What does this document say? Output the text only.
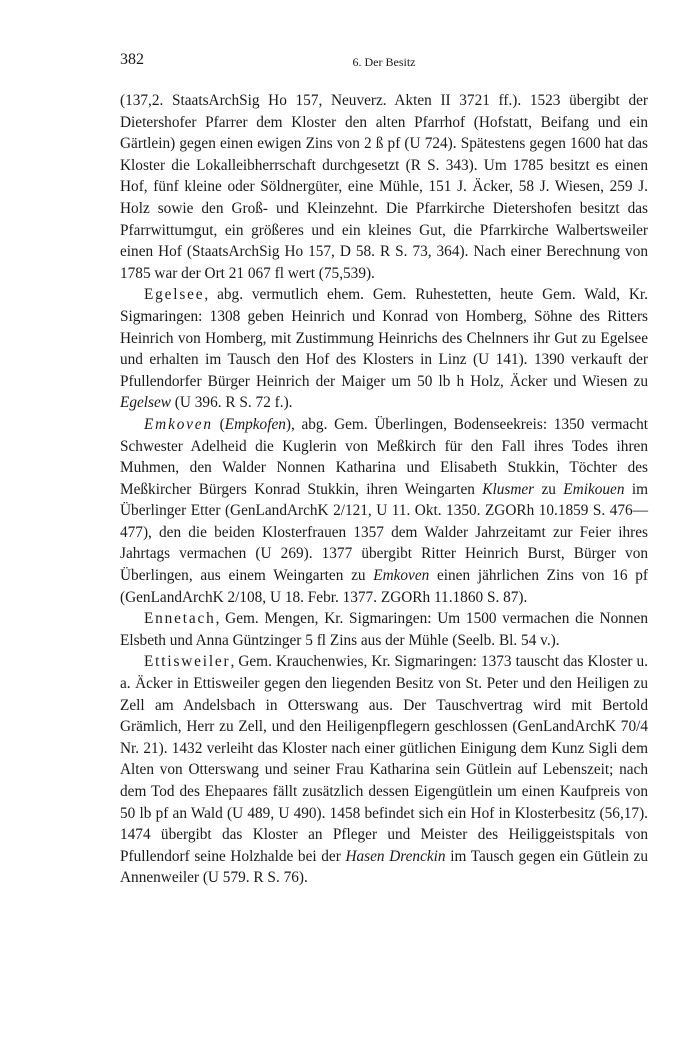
382	6. Der Besitz

(137,2. StaatsArchSig Ho 157, Neuverz. Akten II 3721 ff.). 1523 übergibt der Dietershofer Pfarrer dem Kloster den alten Pfarrhof (Hofstatt, Beifang und ein Gärtlein) gegen einen ewigen Zins von 2 ß pf (U 724). Spätestens gegen 1600 hat das Kloster die Lokalleibherrschaft durchgesetzt (R S. 343). Um 1785 besitzt es einen Hof, fünf kleine oder Söldnergüter, eine Mühle, 151 J. Äcker, 58 J. Wiesen, 259 J. Holz sowie den Groß- und Kleinzehnt. Die Pfarrkirche Dietershofen besitzt das Pfarrwittumgut, ein größeres und ein kleines Gut, die Pfarrkirche Walbertsweiler einen Hof (StaatsArchSig Ho 157, D 58. R S. 73, 364). Nach einer Berechnung von 1785 war der Ort 21 067 fl wert (75,539).

Egelsee, abg. vermutlich ehem. Gem. Ruhestetten, heute Gem. Wald, Kr. Sigmaringen: 1308 geben Heinrich und Konrad von Homberg, Söhne des Ritters Heinrich von Homberg, mit Zustimmung Heinrichs des Chelnners ihr Gut zu Egelsee und erhalten im Tausch den Hof des Klosters in Linz (U 141). 1390 verkauft der Pfullendorfer Bürger Heinrich der Maiger um 50 lb h Holz, Äcker und Wiesen zu Egelsew (U 396. R S. 72 f.).

Emkoven (Empkofen), abg. Gem. Überlingen, Bodenseekreis: 1350 vermacht Schwester Adelheid die Kuglerin von Meßkirch für den Fall ihres Todes ihren Muhmen, den Walder Nonnen Katharina und Elisabeth Stukkin, Töchter des Meßkircher Bürgers Konrad Stukkin, ihren Weingarten Klusmer zu Emikouen im Überlinger Etter (GenLandArchK 2/121, U 11. Okt. 1350. ZGORh 10.1859 S. 476—477), den die beiden Klosterfrauen 1357 dem Walder Jahrzeitamt zur Feier ihres Jahrtags vermachen (U 269). 1377 übergibt Ritter Heinrich Burst, Bürger von Überlingen, aus einem Weingarten zu Emkoven einen jährlichen Zins von 16 pf (GenLandArchK 2/108, U 18. Febr. 1377. ZGORh 11.1860 S. 87).

Ennetach, Gem. Mengen, Kr. Sigmaringen: Um 1500 vermachen die Nonnen Elsbeth und Anna Güntzinger 5 fl Zins aus der Mühle (Seelb. Bl. 54 v.).

Ettisweiler, Gem. Krauchenwies, Kr. Sigmaringen: 1373 tauscht das Kloster u. a. Äcker in Ettisweiler gegen den liegenden Besitz von St. Peter und den Heiligen zu Zell am Andelsbach in Otterswang aus. Der Tauschvertrag wird mit Bertold Grämlich, Herr zu Zell, und den Heiligenpflegern geschlossen (GenLandArchK 70/4 Nr. 21). 1432 verleiht das Kloster nach einer gütlichen Einigung dem Kunz Sigli dem Alten von Otterswang und seiner Frau Katharina sein Gütlein auf Lebenszeit; nach dem Tod des Ehepaares fällt zusätzlich dessen Eigengütlein um einen Kaufpreis von 50 lb pf an Wald (U 489, U 490). 1458 befindet sich ein Hof in Klosterbesitz (56,17). 1474 übergibt das Kloster an Pfleger und Meister des Heiliggeistspitals von Pfullendorf seine Holzhalde bei der Hasen Drenckin im Tausch gegen ein Gütlein zu Annenweiler (U 579. R S. 76).
